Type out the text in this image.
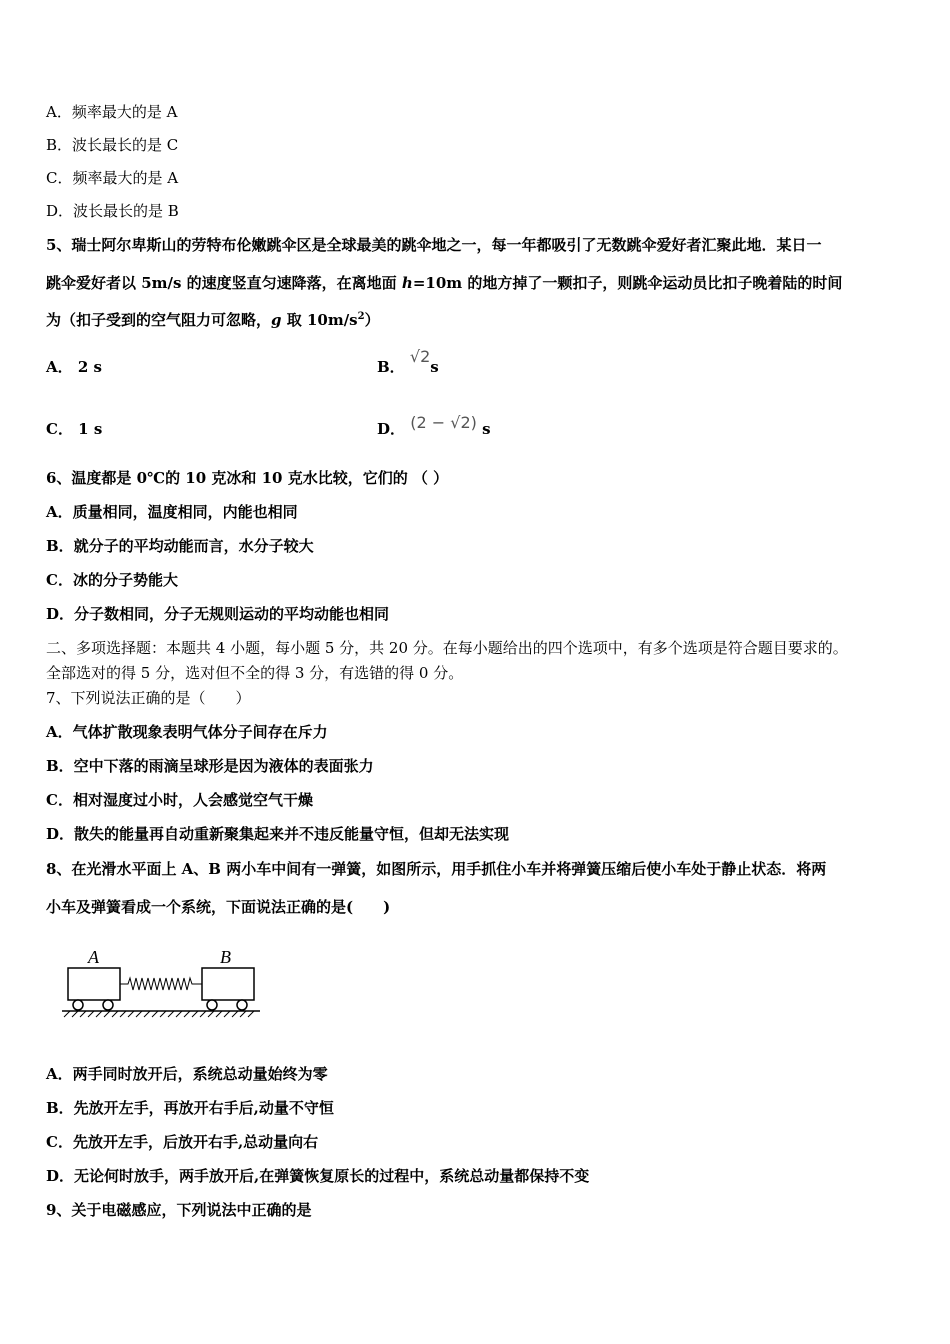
A．频率最大的是 A
B．波长最长的是 C
C．频率最大的是 A
D．波长最长的是 B
5、瑞士阿尔卑斯山的劳特布伦嫩跳伞区是全球最美的跳伞地之一，每一年都吸引了无数跳伞爱好者汇聚此地．某日一
跳伞爱好者以 5m/s 的速度竖直匀速降落，在离地面 h=10m 的地方掉了一颗扣子，则跳伞运动员比扣子晚着陆的时间
为（扣子受到的空气阻力可忽略，g 取 $10m/s^2$）
A． 2 s	B． √2s
C． 1 s	D． (2 − √2) s
6、温度都是 0℃的 10 克冰和 10 克水比较，它们的 （ ）
A．质量相同，温度相同，内能也相同
B．就分子的平均动能而言，水分子较大
C．冰的分子势能大
D．分子数相同，分子无规则运动的平均动能也相同
二、多项选择题：本题共 4 小题，每小题 5 分，共 20 分。在每小题给出的四个选项中，有多个选项是符合题目要求的。
全部选对的得 5 分，选对但不全的得 3 分，有选错的得 0 分。
7、下列说法正确的是（　　）
A．气体扩散现象表明气体分子间存在斥力
B．空中下落的雨滴呈球形是因为液体的表面张力
C．相对湿度过小时，人会感觉空气干燥
D．散失的能量再自动重新聚集起来并不违反能量守恒，但却无法实现
8、在光滑水平面上 A、B 两小车中间有一弹簧，如图所示，用手抓住小车并将弹簧压缩后使小车处于静止状态．将两
小车及弹簧看成一个系统，下面说法正确的是(　　)
A	B
A．两手同时放开后，系统总动量始终为零
B．先放开左手，再放开右手后,动量不守恒
C．先放开左手，后放开右手,总动量向右
D．无论何时放手，两手放开后,在弹簧恢复原长的过程中，系统总动量都保持不变
9、关于电磁感应，下列说法中正确的是
